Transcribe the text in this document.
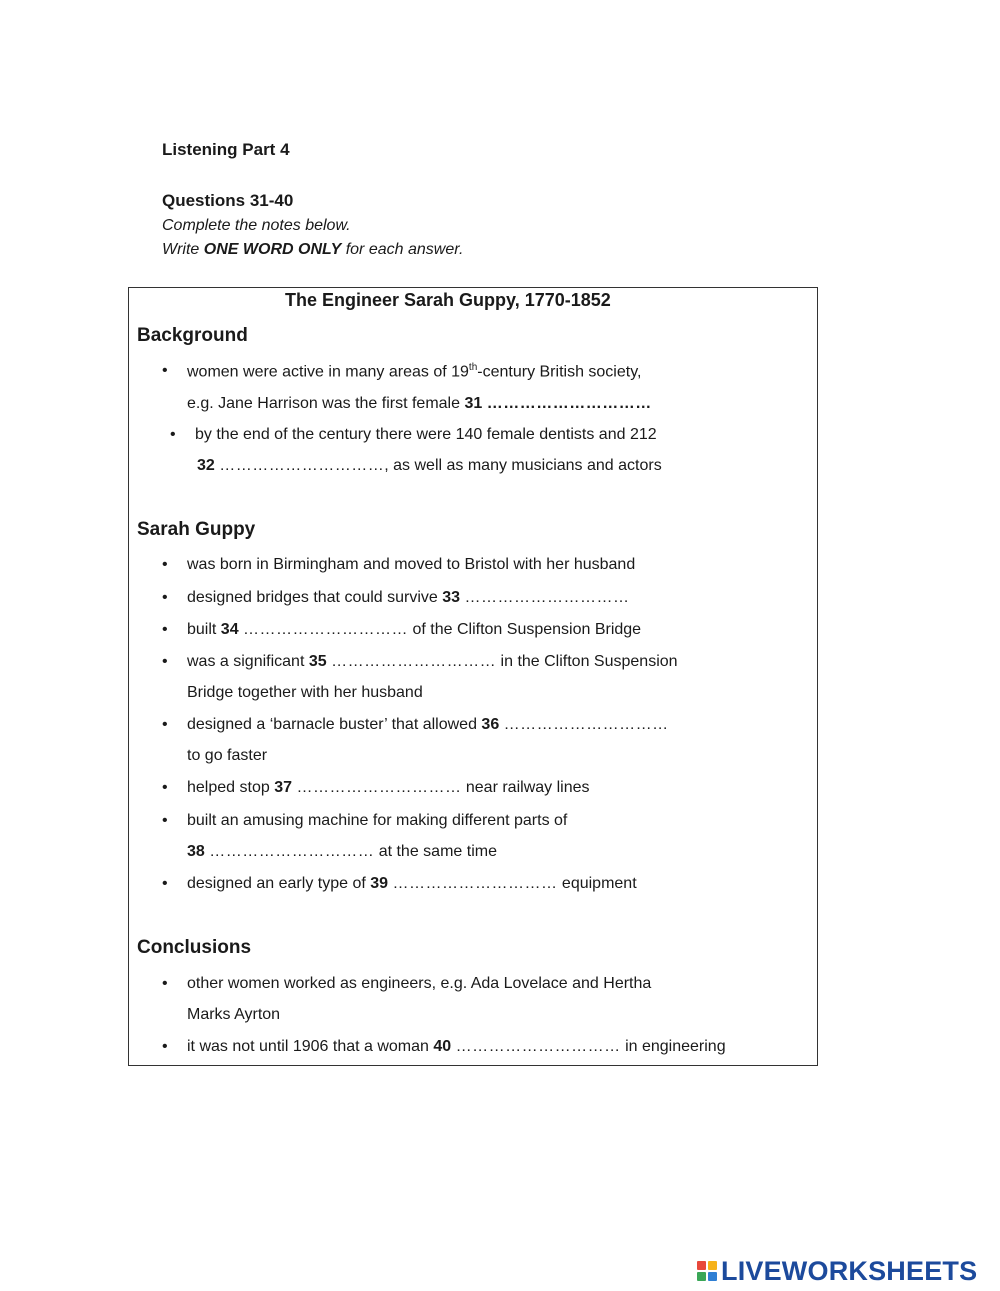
Listening Part 4
Questions 31-40
Complete the notes below.
Write ONE WORD ONLY for each answer.
The Engineer Sarah Guppy, 1770-1852
Background
• women were active in many areas of 19th-century British society,
e.g. Jane Harrison was the first female 31 …………………………
• by the end of the century there were 140 female dentists and 212
32 …………………………, as well as many musicians and actors
Sarah Guppy
• was born in Birmingham and moved to Bristol with her husband
• designed bridges that could survive 33 …………………………
• built 34 ………………………… of the Clifton Suspension Bridge
• was a significant 35 ………………………… in the Clifton Suspension
Bridge together with her husband
• designed a ‘barnacle buster’ that allowed 36 …………………………
to go faster
• helped stop 37 ………………………… near railway lines
• built an amusing machine for making different parts of
38 ………………………… at the same time
• designed an early type of 39 ………………………… equipment
Conclusions
• other women worked as engineers, e.g. Ada Lovelace and Hertha
Marks Ayrton
• it was not until 1906 that a woman 40 ………………………… in engineering
LIVEWORKSHEETS
